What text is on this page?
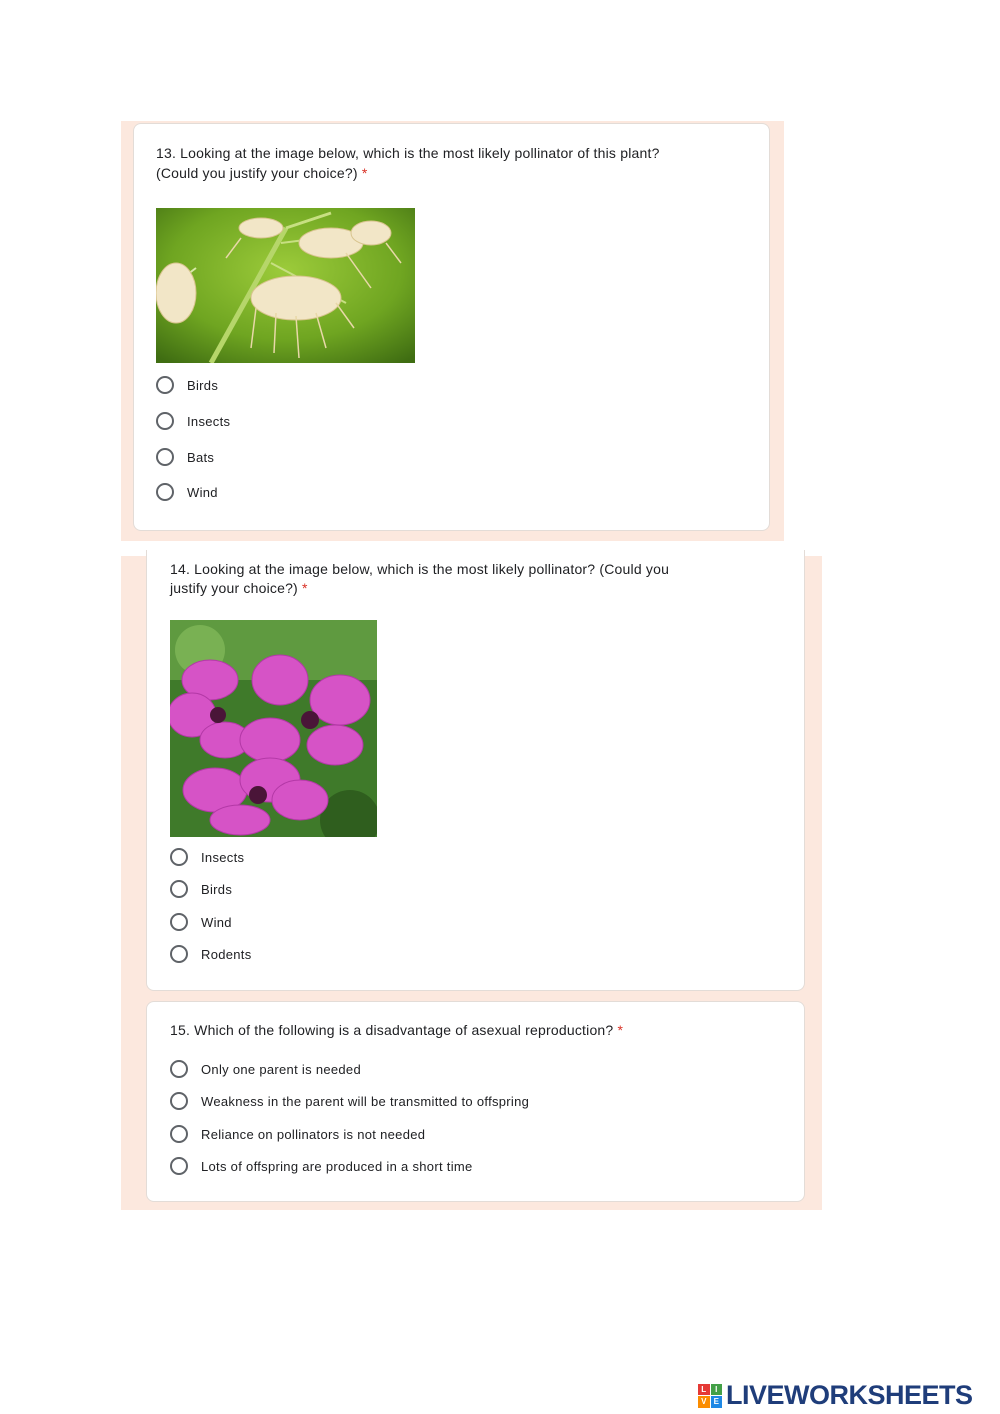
13. Looking at the image below, which is the most likely pollinator of this plant?
(Could you justify your choice?) *
Birds
Insects
Bats
Wind
14. Looking at the image below, which is the most likely pollinator? (Could you
justify your choice?) *
Insects
Birds
Wind
Rodents
15. Which of the following is a disadvantage of asexual reproduction? *
Only one parent is needed
Weakness in the parent will be transmitted to offspring
Reliance on pollinators is not needed
Lots of offspring are produced in a short time
L	I
V E LIVEWORKSHEETS
